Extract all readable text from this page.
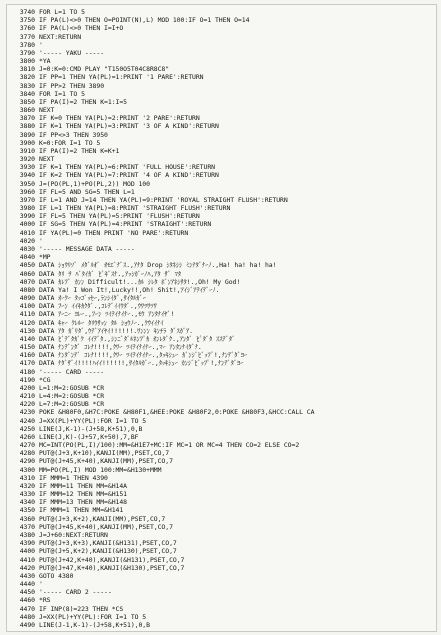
3740 FOR L=1 TO 5
3750 IF PA(L)<>0 THEN O=POINT(N),L) MOD 100:IF O=1 THEN O=14
3760 IF PA(L)<>0 THEN I=I+O
3770 NEXT:RETURN
3780 '
3790 '----- YAKU -----
3800 *YA
3810 J=0:K=0:CMD PLAY "T150O5T04C8R8C8"
3820 IF PP=1 THEN YA(PL)=1:PRINT '1 PARE':RETURN
3830 IF PP>2 THEN 3890
3840 FOR I=1 TO 5
3850 IF PA(I)=2 THEN K=1:I=5
3860 NEXT
3870 IF K=0 THEN YA(PL)=2:PRINT '2 PARE':RETURN
3880 IF K=1 THEN YA(PL)=3:PRINT '3 OF A KIND':RETURN
3890 IF PP<>3 THEN 3950
3900 K=0:FOR I=1 TO 5
3910 IF PA(I)=2 THEN K=K+1
3920 NEXT
3930 IF K=1 THEN YA(PL)=6:PRINT 'FULL HOUSE':RETURN
3940 IF K=2 THEN YA(PL)=7:PRINT '4 OF A KIND':RETURN
3950 J=(PO(PL,1)+PO(PL,2)) MOD 100
3960 IF FL=5 AND SG=5 THEN L=1
3970 IF L=1 AND J=14 THEN YA(PL)=9:PRINT 'ROYAL STRAIGHT FLUSH':RETURN
3980 IF L=1 THEN YA(PL)=8:PRINT 'STRAIGHT FLUSH':RETURN
3990 IF FL=5 THEN YA(PL)=5:PRINT 'FLUSH':RETURN
4000 IF SG=5 THEN YA(PL)=4:PRINT 'STRAIGHT':RETURN
4010 IF YA(PL)=0 THEN PRINT 'NO PARE':RETURN
4020 '
4030 '----- MESSAGE DATA -----
4040 *MP
4050 DATA ｼｮｳﾘｿﾞ ﾒﾀﾞﾙｵﾞ ｵﾓｴﾞﾅﾞｽ.,ｱﾅﾀ Drop ｼﾀﾈｼｼ ﾐﾝﾅﾀﾞﾅｰﾉ.,Ha! ha! ha! ha!
4060 DATA ﾀﾘ ｦ ﾊﾞﾀｲｶﾞ ﾋﾟｷﾞｽﾅ.,ｱｯｼｶﾞｰﾉﾊ,ｱﾀ ｻﾞ ﾏﾀ
4070 DATA ｶﾚﾌﾞ ｶﾝﾝ Difficult!...ｶﾙ ｼﾚﾀ ﾎﾞﾝｱﾈｼｻﾀ!.,Oh! My God!
4080 DATA Ya! I Won It!,Lucky!!,Oh! Shit!,ｱｲｼﾞｱﾃｲﾃﾞｰﾉ.
4090 DATA ｵｰｸｰ ﾀｯｺﾞｯｾｰ,ﾗﾝｼｲﾀﾞ,ｻｲﾀﾙｶﾞｰ
4100 DATA ﾌｰﾝ ｲｲｷｶｸﾀﾞ.,ｺﾚﾃﾞｲｲｳﾀﾞ.,ｳﾜﾂﾜﾂﾜ
4110 DATA ｱｰﾆｰ ﾖﾚｰ.,ﾌｰﾝ ﾂｲﾃｲﾅｲﾅｰ.,ﾓｳ ｱﾝﾀﾅｲﾔﾞ!
4120 DATA ｷｬｰ ｸﾚﾙｰ ﾀﾘｳｻｯﾝ ﾀﾙ ｼｮｳﾉｰ.,ｸｳｲｲﾅｲ
4130 DATA ｱﾀ ｶﾞﾘﾀﾞ,ｳﾃﾞｱｲﾔｲ!!!!!!.ﾜﾝﾝﾝ ｷﾝﾁﾗ ﾀﾞｽｶﾞｱ.
4140 DATA ﾋﾞﾃﾞﾀｶﾞｸ ｲｲﾃﾞﾀ.,ｼﾝﾆﾞﾀﾞﾙﾈﾝﾌﾟｶ ｵﾝﾚﾀﾞｸ.,ｱﾝﾀﾞ ﾋﾟﾀﾞﾀ ｽｽﾃﾞﾀﾞ
4150 DATA ﾅﾝﾃﾞﾝﾀﾞ ｺﾚﾅ!!!!,ｸﾜｰ ﾂｲﾃｲﾅｲﾅｰ.,ﾏｰ ｱﾝﾀﾝﾅｲﾀﾞﾅ.
4160 DATA ﾅﾝﾀﾞﾝﾃﾞ ｺﾚﾅ!!!!,ｸﾜｰ ﾂｲﾃｲﾅｲﾅｰ.,ﾀｯｷｼｭｰ ｶﾞﾝｼﾞﾋﾞｯﾌﾟ!,ﾅﾝﾃﾞﾀﾞﾖｰ
4170 DATA ﾅﾀﾞｻﾞｲ!!!!ﾊｲｲ!!!!!!,ｻｲﾀﾙｶﾞｰ.,ﾀｯｷｼｭｰ ｶﾝｼﾞﾋﾞｯﾌﾟ!,ﾅﾝﾃﾞﾀﾞﾖｰ
4180 '----- CARD -----
4190 *CG
4200 L=1:M=2:GOSUB *CR
4210 L=4:M=2:GOSUB *CR
4220 L=7:M=2:GOSUB *CR
4230 POKE &H80F0,&H7C:POKE &H80F1,&HEE:POKE &H80F2,0:POKE &H80F3,&HCC:CALL CA
4240 J=XX(PL)+YY(PL):FOR I=1 TO 5
4250 LINE(J,K-1)-(J+58,K+51),0,B
4260 LINE(J,K)-(J+57,K+50),7,BF
4270 MC=INT(PO(PL,I)/100):MM=&H1E7+MC:IF MC=1 OR MC=4 THEN CO=2 ELSE CO=2
4280 PUT@(J+3,K+10),KANJI(MM),PSET,CO,7
4290 PUT@(J+45,K+40),KANJI(MM),PSET,CO,7
4300 MM=PO(PL,I) MOD 100:MM=&H130+MMM
4310 IF MMM=1 THEN 4390
4320 IF MMM=11 THEN MM=&H14A
4330 IF MMM=12 THEN MM=&H151
4340 IF MMM=13 THEN MM=&H148
4350 IF MMM=1 THEN MM=&H141
4360 PUT@(J+3,K+2),KANJI(MM),PSET,CO,7
4370 PUT@(J+45,K+40),KANJI(MM),PSET,CO,7
4380 J=J+60:NEXT:RETURN
4390 PUT@(J+3,K+3),KANJI(&H131),PSET,CO,7
4400 PUT@(J+5,K+2),KANJI(&H130),PSET,CO,7
4410 PUT@(J+42,K+40),KANJI(&H131),PSET,CO,7
4420 PUT@(J+47,K+40),KANJI(&H130),PSET,CO,7
4430 GOTO 4380
4440 '
4450 '----- CARD 2 -----
4460 *RS
4470 IF INP(8)=223 THEN *CS
4480 J=XX(PL)+YY(PL):FOR I=1 TO 5
4490 LINE(J-1,K-1)-(J+58,K+51),0,B
